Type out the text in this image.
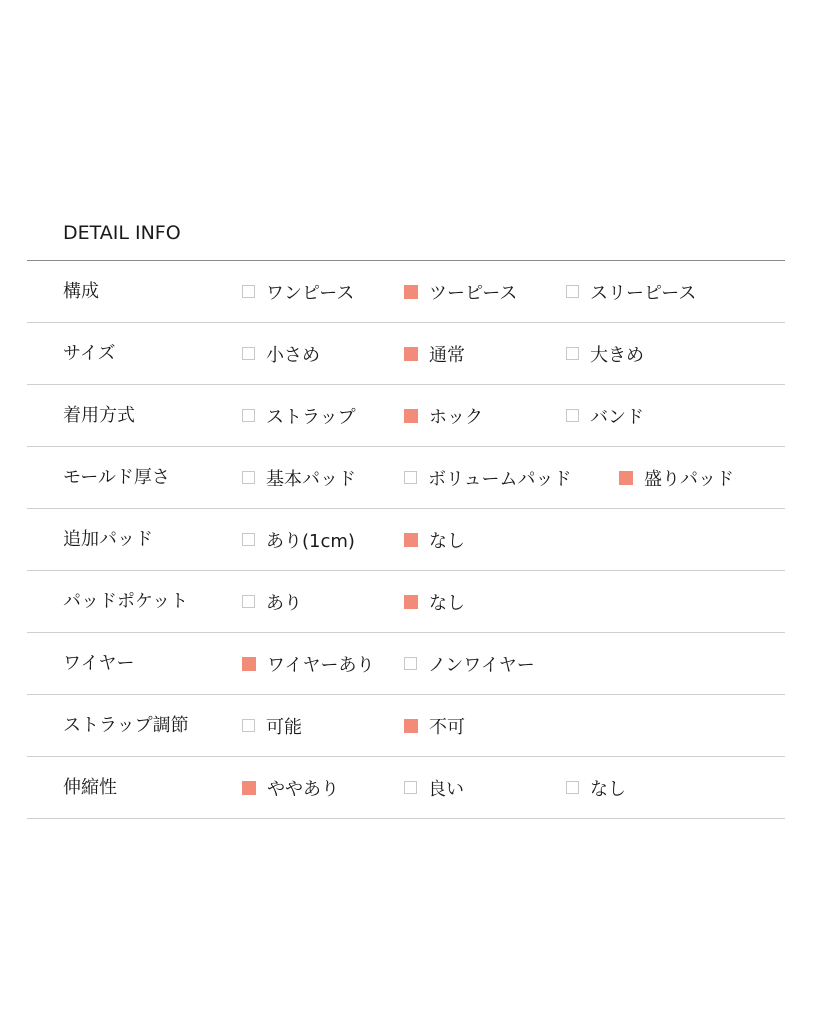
DETAIL INFO
構成	ワンピース	ツーピース	スリーピース
サイズ	小さめ	通常	大きめ
着用方式	ストラップ	ホック	バンド
モールド厚さ	基本パッド	ボリュームパッド	盛りパッド
追加パッド	あり(1cm)	なし
パッドポケット	あり	なし
ワイヤー	ワイヤーあり	ノンワイヤー
ストラップ調節	可能	不可
伸縮性	ややあり	良い	なし
